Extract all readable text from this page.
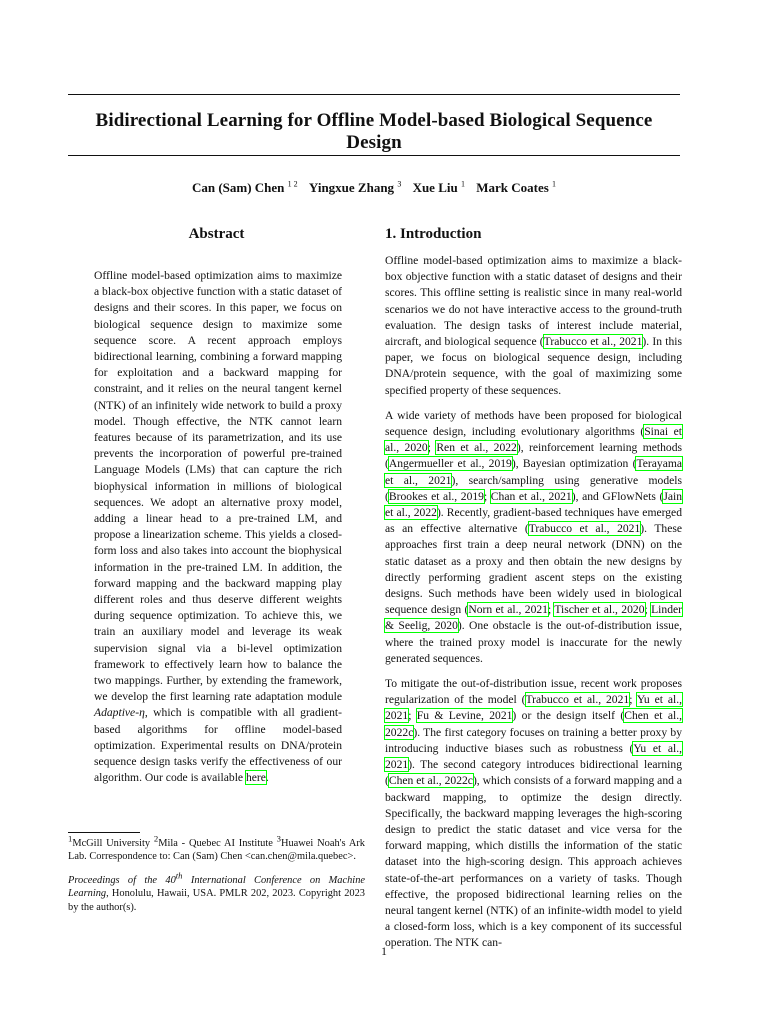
Bidirectional Learning for Offline Model-based Biological Sequence Design
Can (Sam) Chen $^{1 2}$ Yingxue Zhang $^3$ Xue Liu $^1$ Mark Coates $^1$
Abstract

Offline model-based optimization aims to maximize a black-box objective function with a static dataset of designs and their scores. In this paper, we focus on biological sequence design to maximize some sequence score. A recent approach employs bidirectional learning, combining a forward mapping for exploitation and a backward mapping for constraint, and it relies on the neural tangent kernel (NTK) of an infinitely wide network to build a proxy model. Though effective, the NTK cannot learn features because of its parametrization, and its use prevents the incorporation of powerful pre-trained Language Models (LMs) that can capture the rich biophysical information in millions of biological sequences. We adopt an alternative proxy model, adding a linear head to a pre-trained LM, and propose a linearization scheme. This yields a closed-form loss and also takes into account the biophysical information in the pre-trained LM. In addition, the forward mapping and the backward mapping play different roles and thus deserve different weights during sequence optimization. To achieve this, we train an auxiliary model and leverage its weak supervision signal via a bi-level optimization framework to effectively learn how to balance the two mappings. Further, by extending the framework, we develop the first learning rate adaptation module Adaptive-η, which is compatible with all gradient-based algorithms for offline model-based optimization. Experimental results on DNA/protein sequence design tasks verify the effectiveness of our algorithm. Our code is available here.

$^1$McGill University $^2$Mila - Quebec AI Institute $^3$Huawei Noah's Ark Lab. Correspondence to: Can (Sam) Chen <can.chen@mila.quebec>.
Proceedings of the 40th International Conference on Machine Learning, Honolulu, Hawaii, USA. PMLR 202, 2023. Copyright 2023 by the author(s).
1. Introduction

Offline model-based optimization aims to maximize a black-box objective function with a static dataset of designs and their scores. This offline setting is realistic since in many real-world scenarios we do not have interactive access to the ground-truth evaluation. The design tasks of interest include material, aircraft, and biological sequence (Trabucco et al., 2021). In this paper, we focus on biological sequence design, including DNA/protein sequence, with the goal of maximizing some specified property of these sequences.

A wide variety of methods have been proposed for biological sequence design, including evolutionary algorithms (Sinai et al., 2020; Ren et al., 2022), reinforcement learning methods (Angermueller et al., 2019), Bayesian optimization (Terayama et al., 2021), search/sampling using generative models (Brookes et al., 2019; Chan et al., 2021), and GFlowNets (Jain et al., 2022). Recently, gradient-based techniques have emerged as an effective alternative (Trabucco et al., 2021). These approaches first train a deep neural network (DNN) on the static dataset as a proxy and then obtain the new designs by directly performing gradient ascent steps on the existing designs. Such methods have been widely used in biological sequence design (Norn et al., 2021; Tischer et al., 2020; Linder & Seelig, 2020). One obstacle is the out-of-distribution issue, where the trained proxy model is inaccurate for the newly generated sequences.

To mitigate the out-of-distribution issue, recent work proposes regularization of the model (Trabucco et al., 2021; Yu et al., 2021; Fu & Levine, 2021) or the design itself (Chen et al., 2022c). The first category focuses on training a better proxy by introducing inductive biases such as robustness (Yu et al., 2021). The second category introduces bidirectional learning (Chen et al., 2022c), which consists of a forward mapping and a backward mapping, to optimize the design directly. Specifically, the backward mapping leverages the high-scoring design to predict the static dataset and vice versa for the forward mapping, which distills the information of the static dataset into the high-scoring design. This approach achieves state-of-the-art performances on a variety of tasks. Though effective, the proposed bidirectional learning relies on the neural tangent kernel (NTK) of an infinite-width model to yield a closed-form loss, which is a key component of its successful operation. The NTK can-

1
